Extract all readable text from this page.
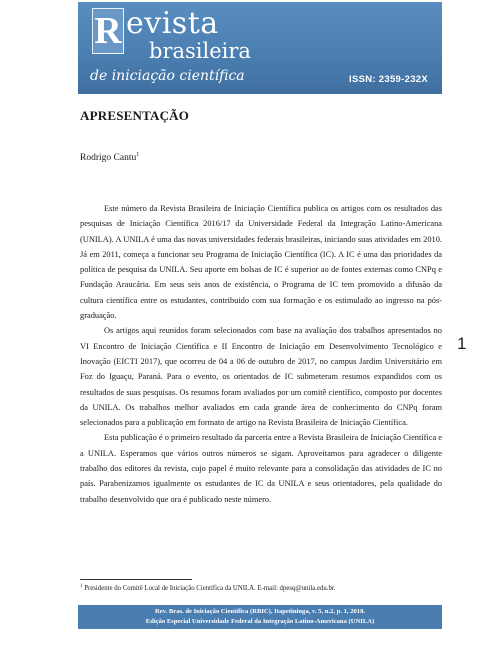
R evista
brasileira
de iniciação científica	ISSN: 2359-232X
APRESENTAÇÃO
Rodrigo Cantu$^1$

Este número da Revista Brasileira de Iniciação Científica publica os artigos com os resultados das pesquisas de Iniciação Científica 2016/17 da Universidade Federal da Integração Latino-Americana (UNILA). A UNILA é uma das novas universidades federais brasileiras, iniciando suas atividades em 2010. Já em 2011, começa a funcionar seu Programa de Iniciação Científica (IC). A IC é uma das prioridades da política de pesquisa da UNILA. Seu aporte em bolsas de IC é superior ao de fontes externas como CNPq e Fundação Araucária. Em seus seis anos de existência, o Programa de IC tem promovido a difusão da cultura científica entre os estudantes, contribuido com sua formação e os estimulado ao ingresso na pós-graduação.

Os artigos aqui reunidos foram selecionados com base na avaliação dos trabalhos apresentados no VI Encontro de Iniciação Científica e II Encontro de Iniciação em Desenvolvimento Tecnológico e Inovação (EICTI 2017), que ocorreu de 04 a 06 de outubro de 2017, no campus Jardim Universitário em Foz do Iguaçu, Paraná. Para o evento, os orientados de IC submeteram resumos expandidos com os resultados de suas pesquisas. Os resumos foram avaliados por um comitê científico, composto por docentes da UNILA. Os trabalhos melhor avaliados em cada grande área de conhecimento do CNPq foram selecionados para a publicação em formato de artigo na Revista Brasileira de Iniciação Científica.

Esta publicação é o primeiro resultado da parceria entre a Revista Brasileira de Iniciação Científica e a UNILA. Esperamos que vários outros números se sigam. Aproveitamos para agradecer o diligente trabalho dos editores da revista, cujo papel é muito relevante para a consolidação das atividades de IC no país. Parabenizamos igualmente os estudantes de IC da UNILA e seus orientadores, pela qualidade do trabalho desenvolvido que ora é publicado neste número.

1
$^1$ Presidente do Comitê Local de Iniciação Científica da UNILA. E-mail: dpesq@unila.edu.br.
Rev. Bras. de Iniciação Científica (RBIC), Itapetininga, v. 5, n.2, p. 1, 2018.
Edição Especial Universidade Federal da Integração Latino-Americana (UNILA)
